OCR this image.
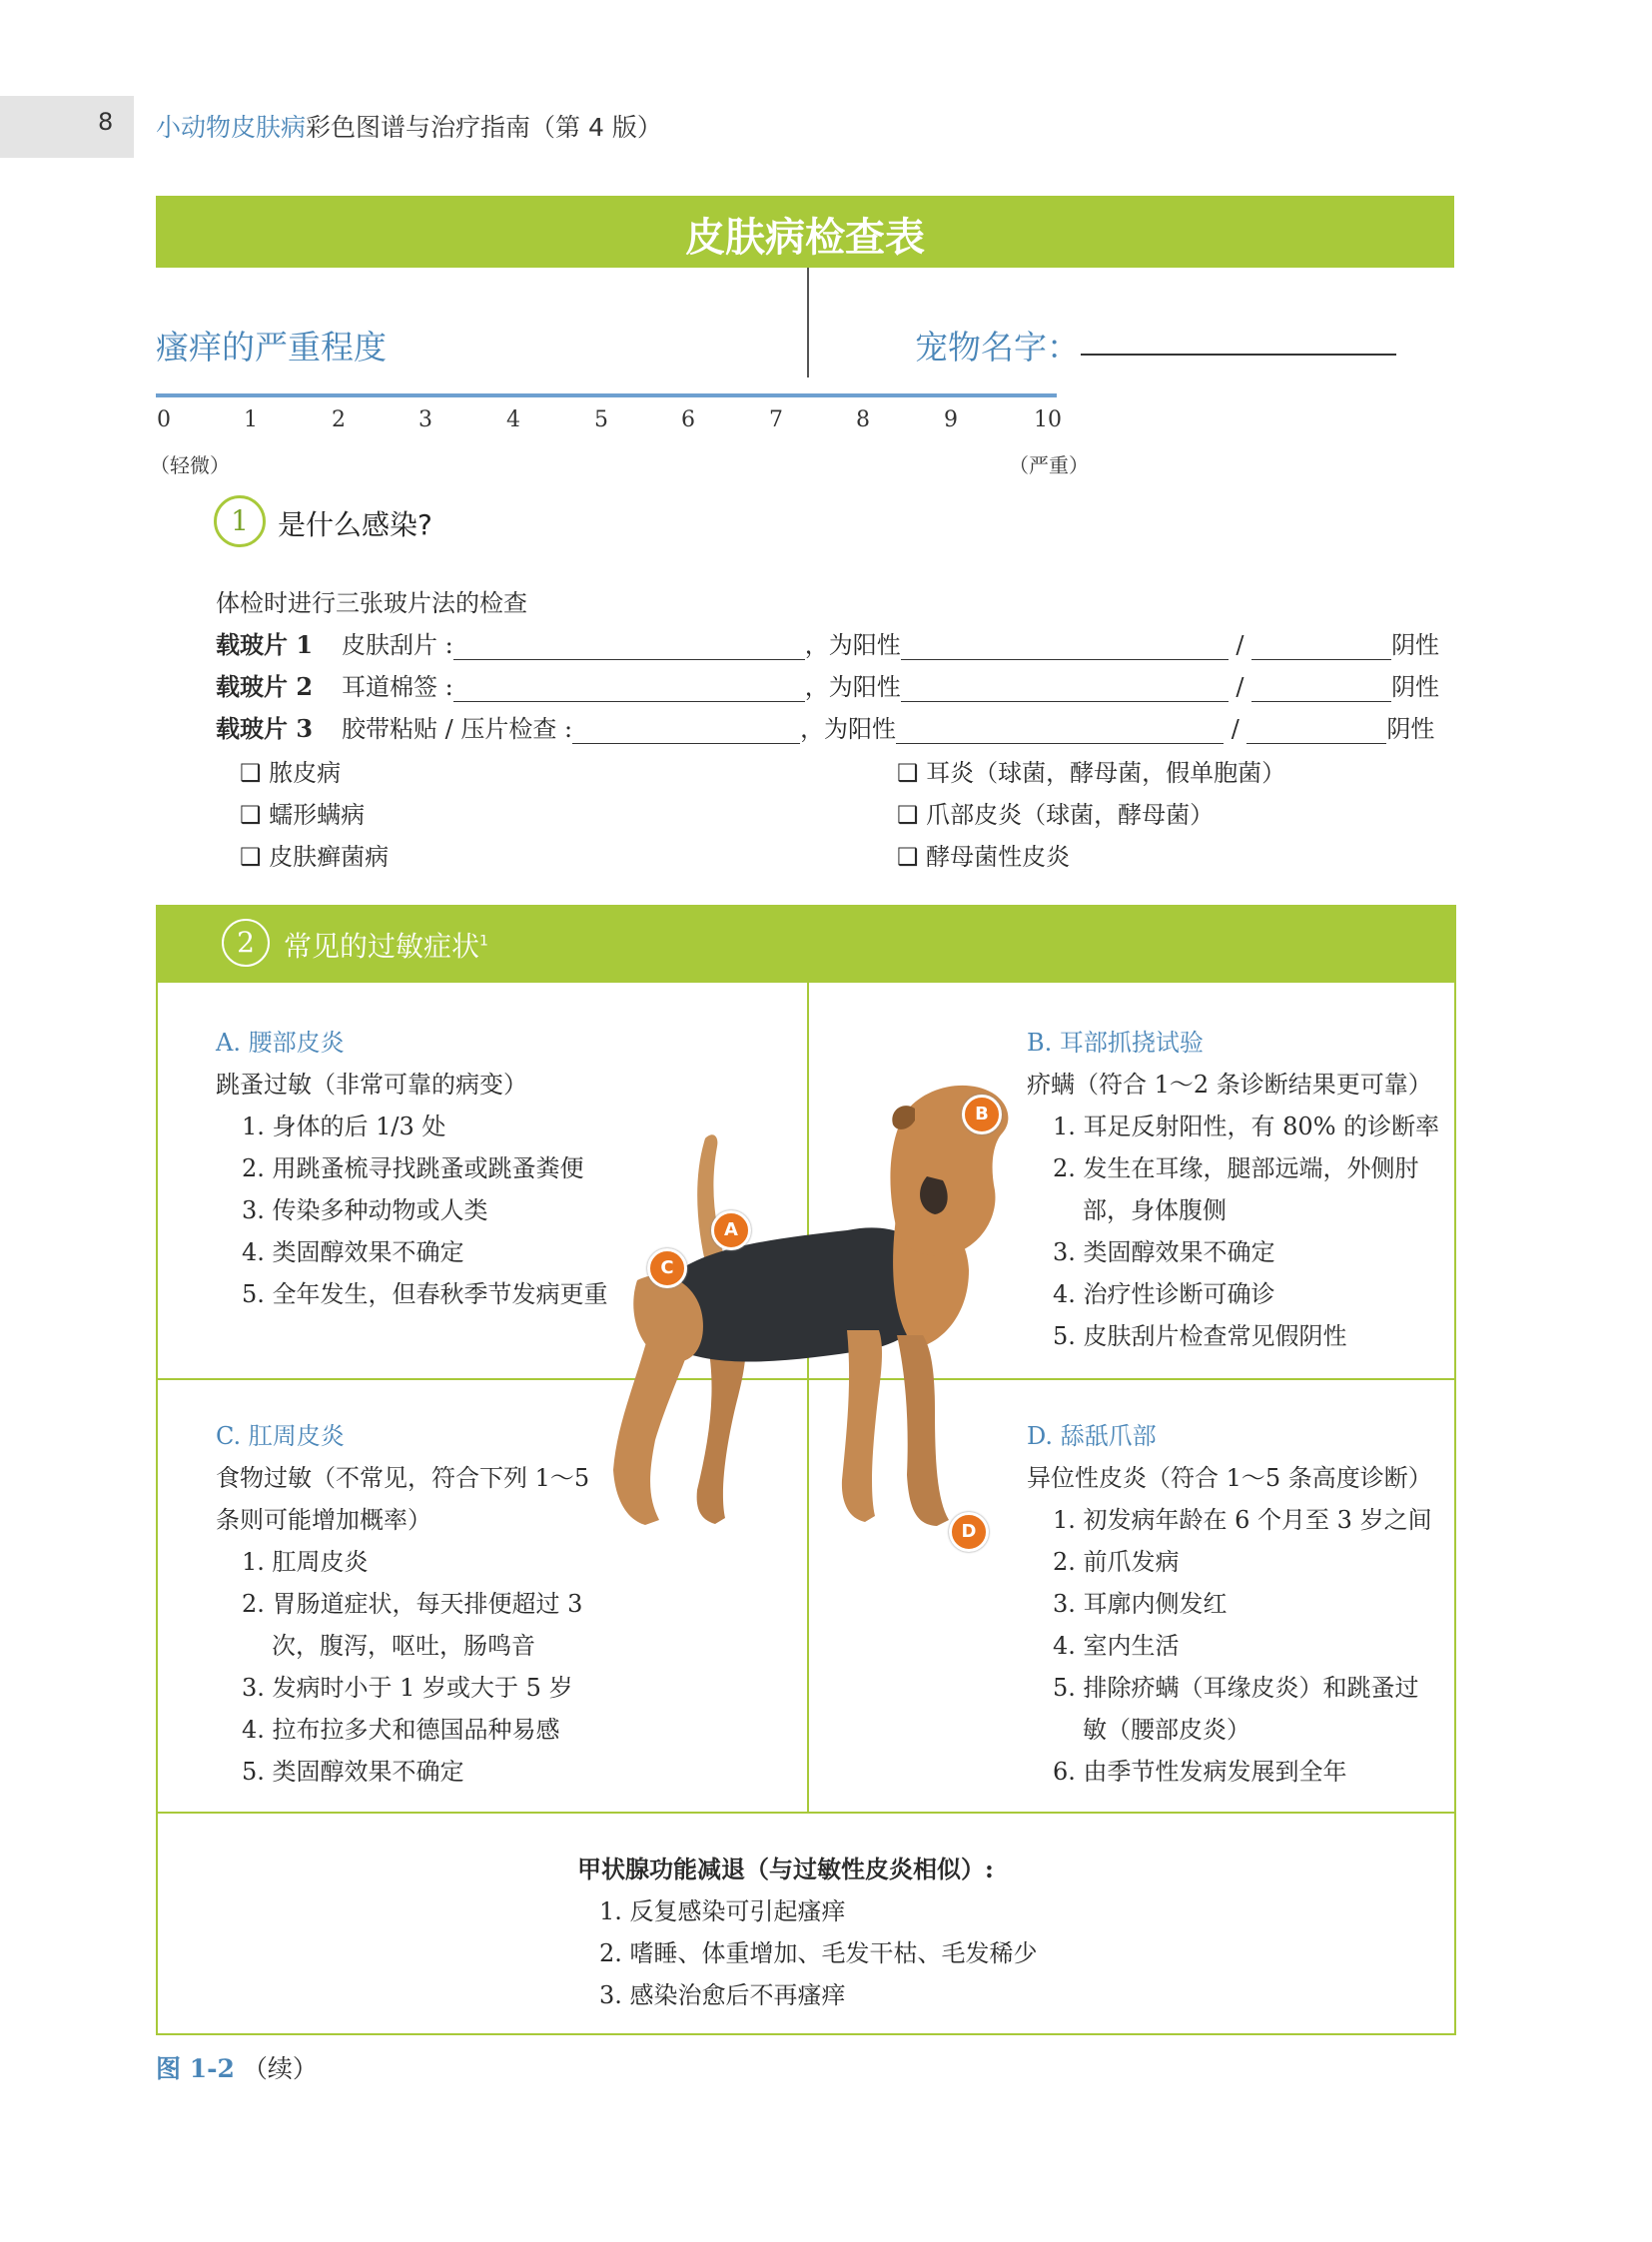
8 小动物皮肤病彩色图谱与治疗指南（第 4 版）
皮肤病检查表
瘙痒的严重程度	宠物名字：
0	1	2	3	4	5	6	7	8	9	10
（轻微）	（严重）
1	是什么感染?
体检时进行三张玻片法的检查
载玻片 1 皮肤刮片 :	，为阳性	/	阴性
载玻片 2 耳道棉签 :	，为阳性	/	阴性
载玻片 3 胶带粘贴 / 压片检查 :	，为阳性	/	阴性
❑ 脓皮病
❑ 蠕形螨病
❑ 皮肤癣菌病
❑ 耳炎（球菌，酵母菌，假单胞菌）
❑ 爪部皮炎（球菌，酵母菌）
❑ 酵母菌性皮炎
2	常见的过敏症状$^1$
A. 腰部皮炎
跳蚤过敏（非常可靠的病变）
1. 身体的后 1/3 处
2. 用跳蚤梳寻找跳蚤或跳蚤粪便
3. 传染多种动物或人类
4. 类固醇效果不确定
5. 全年发生，但春秋季节发病更重
B. 耳部抓挠试验
疥螨（符合 1～2 条诊断结果更可靠）
1. 耳足反射阳性，有 80% 的诊断率
2. 发生在耳缘，腿部远端，外侧肘
部，身体腹侧
3. 类固醇效果不确定
4. 治疗性诊断可确诊
5. 皮肤刮片检查常见假阴性
C. 肛周皮炎
食物过敏（不常见，符合下列 1～5
条则可能增加概率）
1. 肛周皮炎
2. 胃肠道症状，每天排便超过 3
次，腹泻，呕吐，肠鸣音
3. 发病时小于 1 岁或大于 5 岁
4. 拉布拉多犬和德国品种易感
5. 类固醇效果不确定
D. 舔舐爪部
异位性皮炎（符合 1～5 条高度诊断）
1. 初发病年龄在 6 个月至 3 岁之间
2. 前爪发病
3. 耳廓内侧发红
4. 室内生活
5. 排除疥螨（耳缘皮炎）和跳蚤过
敏（腰部皮炎）
6. 由季节性发病发展到全年
A
B
C
D
甲状腺功能减退（与过敏性皮炎相似）:
1. 反复感染可引起瘙痒
2. 嗜睡、体重增加、毛发干枯、毛发稀少
3. 感染治愈后不再瘙痒
图 1-2 （续）
